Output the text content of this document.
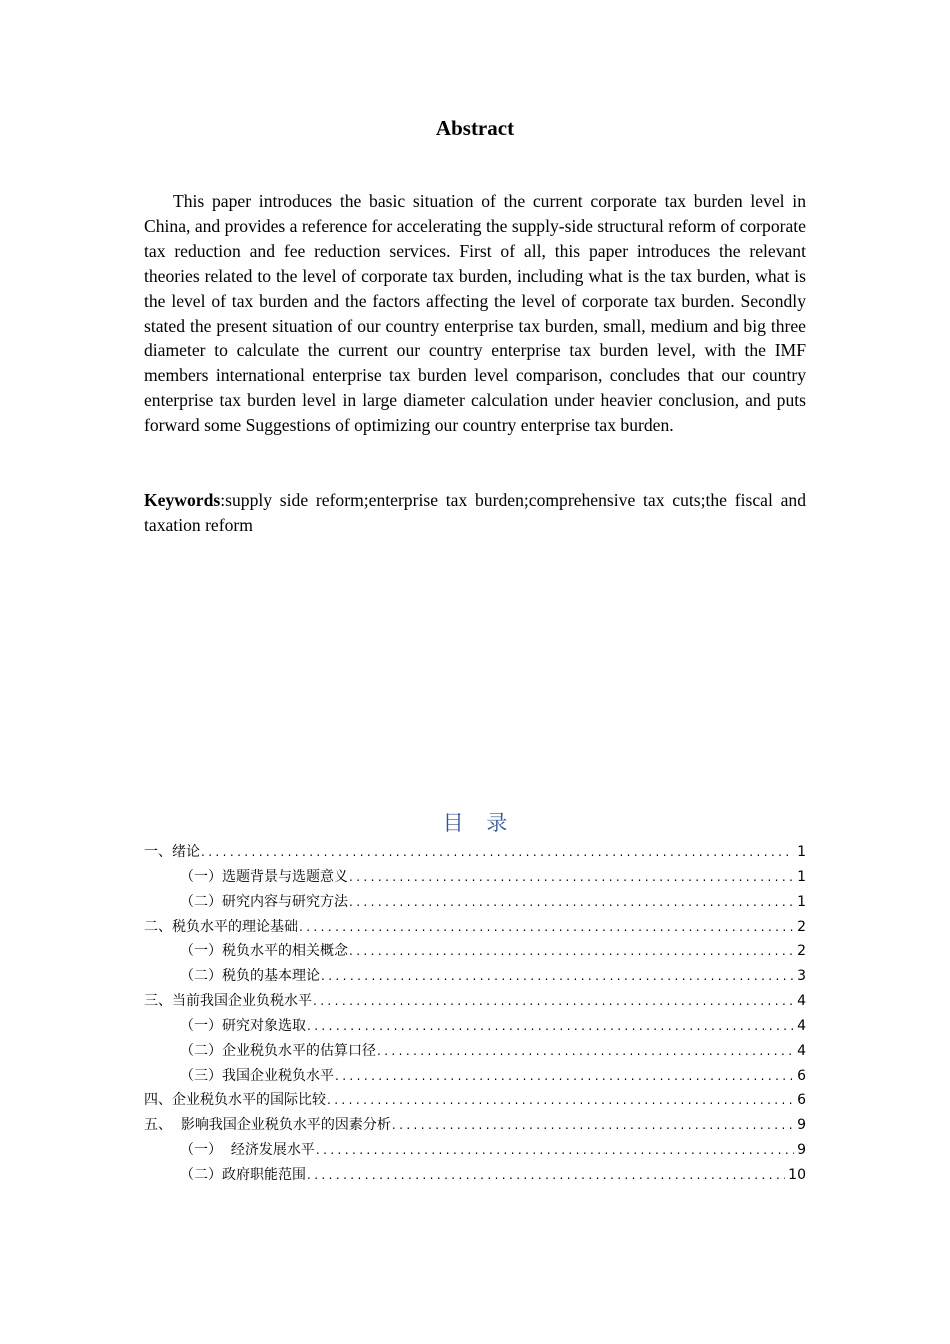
Abstract

This paper introduces the basic situation of the current corporate tax burden level in China, and provides a reference for accelerating the supply-side structural reform of corporate tax reduction and fee reduction services. First of all, this paper introduces the relevant theories related to the level of corporate tax burden, including what is the tax burden, what is the level of tax burden and the factors affecting the level of corporate tax burden. Secondly stated the present situation of our country enterprise tax burden, small, medium and big three diameter to calculate the current our country enterprise tax burden level, with the IMF members international enterprise tax burden level comparison, concludes that our country enterprise tax burden level in large diameter calculation under heavier conclusion, and puts forward some Suggestions of optimizing our country enterprise tax burden.

Keywords:supply side reform;enterprise tax burden;comprehensive tax cuts;the fiscal and taxation reform

目 录
一、绪论 .....	1
（一）选题背景与选题意义 .....	1
（二）研究内容与研究方法 .....	1
二、税负水平的理论基础 .....	2
（一）税负水平的相关概念 .....	2
（二）税负的基本理论 .....	3
三、当前我国企业负税水平 .....	4
（一）研究对象选取 .....	4
（二）企业税负水平的估算口径 .....	4
（三）我国企业税负水平 .....	6
四、企业税负水平的国际比较 .....	6
五、  影响我国企业税负水平的因素分析 .....	9
（一）  经济发展水平 .....	9
（二）政府职能范围 .....	10
